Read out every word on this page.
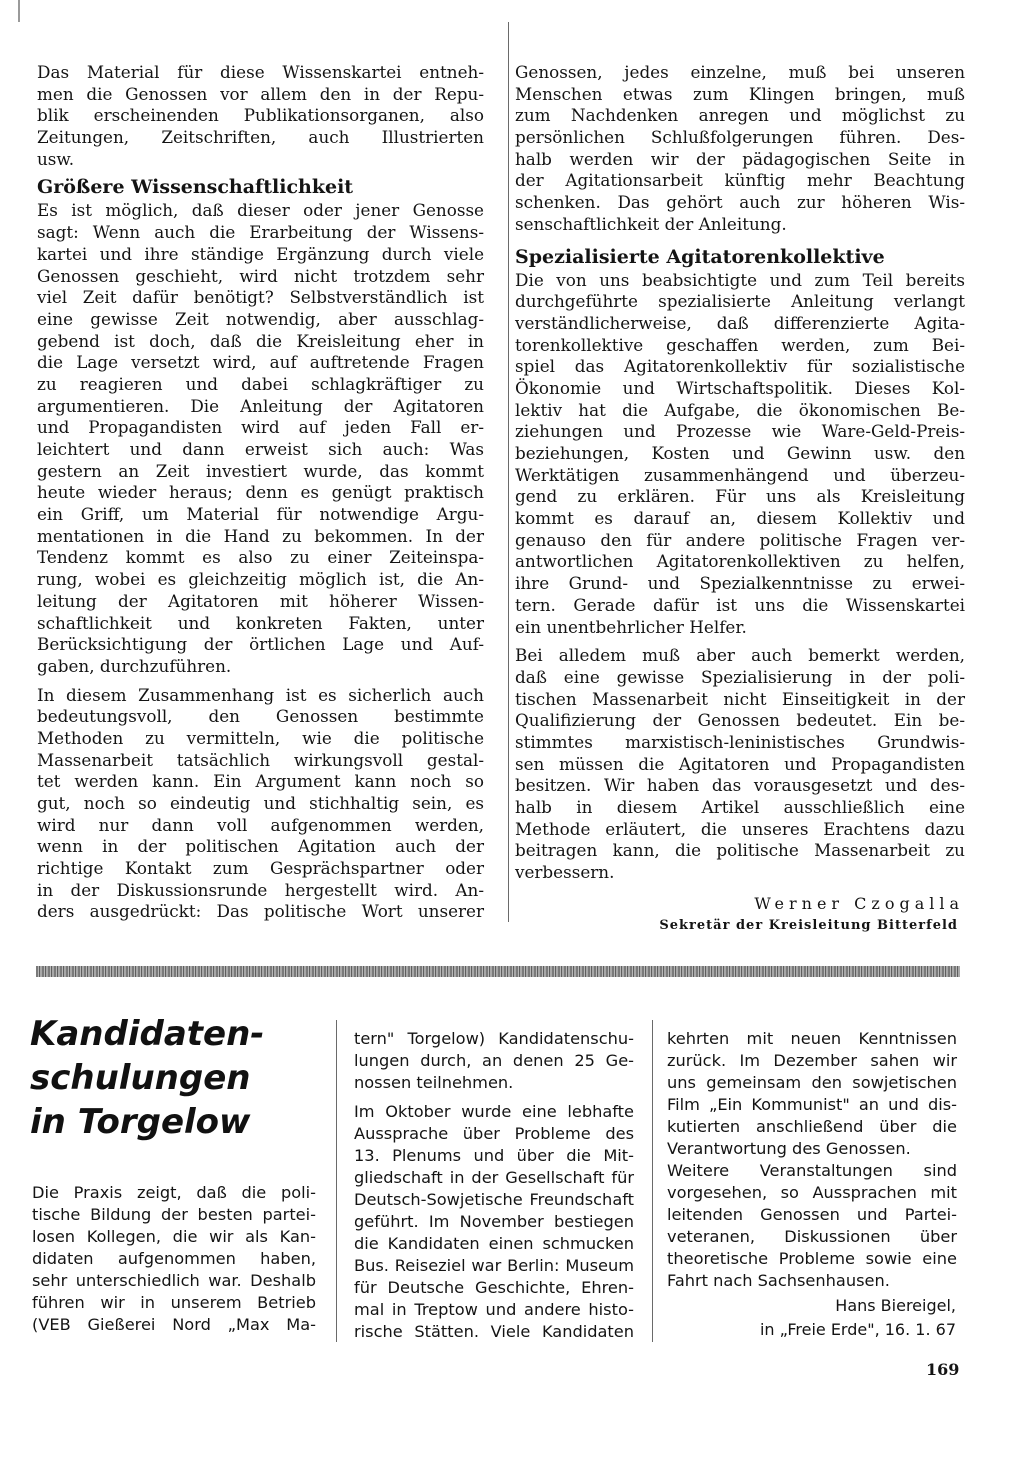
Das Material für diese Wissenskartei entneh-
men die Genossen vor allem den in der Repu-
blik erscheinenden Publikationsorganen, also
Zeitungen, Zeitschriften, auch Illustrierten
usw.
Größere Wissenschaftlichkeit
Es ist möglich, daß dieser oder jener Genosse
sagt: Wenn auch die Erarbeitung der Wissens-
kartei und ihre ständige Ergänzung durch viele
Genossen geschieht, wird nicht trotzdem sehr
viel Zeit dafür benötigt? Selbstverständlich ist
eine gewisse Zeit notwendig, aber ausschlag-
gebend ist doch, daß die Kreisleitung eher in
die Lage versetzt wird, auf auftretende Fragen
zu reagieren und dabei schlagkräftiger zu
argumentieren. Die Anleitung der Agitatoren
und Propagandisten wird auf jeden Fall er-
leichtert und dann erweist sich auch: Was
gestern an Zeit investiert wurde, das kommt
heute wieder heraus; denn es genügt praktisch
ein Griff, um Material für notwendige Argu-
mentationen in die Hand zu bekommen. In der
Tendenz kommt es also zu einer Zeiteinspa-
rung, wobei es gleichzeitig möglich ist, die An-
leitung der Agitatoren mit höherer Wissen-
schaftlichkeit und konkreten Fakten, unter
Berücksichtigung der örtlichen Lage und Auf-
gaben, durchzuführen.
In diesem Zusammenhang ist es sicherlich auch
bedeutungsvoll, den Genossen bestimmte
Methoden zu vermitteln, wie die politische
Massenarbeit tatsächlich wirkungsvoll gestal-
tet werden kann. Ein Argument kann noch so
gut, noch so eindeutig und stichhaltig sein, es
wird nur dann voll aufgenommen werden,
wenn in der politischen Agitation auch der
richtige Kontakt zum Gesprächspartner oder
in der Diskussionsrunde hergestellt wird. An-
ders ausgedrückt: Das politische Wort unserer
Genossen, jedes einzelne, muß bei unseren
Menschen etwas zum Klingen bringen, muß
zum Nachdenken anregen und möglichst zu
persönlichen Schlußfolgerungen führen. Des-
halb werden wir der pädagogischen Seite in
der Agitationsarbeit künftig mehr Beachtung
schenken. Das gehört auch zur höheren Wis-
senschaftlichkeit der Anleitung.
Spezialisierte Agitatorenkollektive
Die von uns beabsichtigte und zum Teil bereits
durchgeführte spezialisierte Anleitung verlangt
verständlicherweise, daß differenzierte Agita-
torenkollektive geschaffen werden, zum Bei-
spiel das Agitatorenkollektiv für sozialistische
Ökonomie und Wirtschaftspolitik. Dieses Kol-
lektiv hat die Aufgabe, die ökonomischen Be-
ziehungen und Prozesse wie Ware-Geld-Preis-
beziehungen, Kosten und Gewinn usw. den
Werktätigen zusammenhängend und überzeu-
gend zu erklären. Für uns als Kreisleitung
kommt es darauf an, diesem Kollektiv und
genauso den für andere politische Fragen ver-
antwortlichen Agitatorenkollektiven zu helfen,
ihre Grund- und Spezialkenntnisse zu erwei-
tern. Gerade dafür ist uns die Wissenskartei
ein unentbehrlicher Helfer.
Bei alledem muß aber auch bemerkt werden,
daß eine gewisse Spezialisierung in der poli-
tischen Massenarbeit nicht Einseitigkeit in der
Qualifizierung der Genossen bedeutet. Ein be-
stimmtes marxistisch-leninistisches Grundwis-
sen müssen die Agitatoren und Propagandisten
besitzen. Wir haben das vorausgesetzt und des-
halb in diesem Artikel ausschließlich eine
Methode erläutert, die unseres Erachtens dazu
beitragen kann, die politische Massenarbeit zu
verbessern.
Werner Czogalla
Sekretär der Kreisleitung Bitterfeld
Kandidaten-
schulungen
in Torgelow
Die Praxis zeigt, daß die poli-
tische Bildung der besten partei-
losen Kollegen, die wir als Kan-
didaten aufgenommen haben,
sehr unterschiedlich war. Deshalb
führen wir in unserem Betrieb
(VEB Gießerei Nord „Max Ma-
tern" Torgelow) Kandidatenschu-
lungen durch, an denen 25 Ge-
nossen teilnehmen.
Im Oktober wurde eine lebhafte
Aussprache über Probleme des
13. Plenums und über die Mit-
gliedschaft in der Gesellschaft für
Deutsch-Sowjetische Freundschaft
geführt. Im November bestiegen
die Kandidaten einen schmucken
Bus. Reiseziel war Berlin: Museum
für Deutsche Geschichte, Ehren-
mal in Treptow und andere histo-
rische Stätten. Viele Kandidaten
kehrten mit neuen Kenntnissen
zurück. Im Dezember sahen wir
uns gemeinsam den sowjetischen
Film „Ein Kommunist" an und dis-
kutierten anschließend über die
Verantwortung des Genossen.
Weitere Veranstaltungen sind
vorgesehen, so Aussprachen mit
leitenden Genossen und Partei-
veteranen, Diskussionen über
theoretische Probleme sowie eine
Fahrt nach Sachsenhausen.
Hans Biereigel,
in „Freie Erde", 16. 1. 67
169
